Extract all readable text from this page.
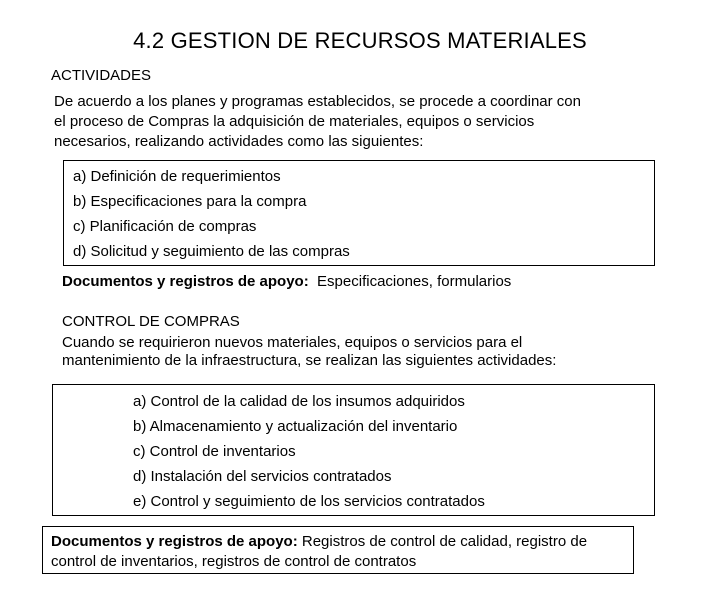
4.2 GESTION DE RECURSOS MATERIALES
ACTIVIDADES
De acuerdo a los planes y programas establecidos, se procede a coordinar con
el proceso de Compras la adquisición de materiales, equipos o servicios
necesarios, realizando actividades como las siguientes:
a) Definición de requerimientos
b) Especificaciones para la compra
c) Planificación de compras
d) Solicitud y seguimiento de las compras
Documentos y registros de apoyo:  Especificaciones, formularios
CONTROL DE COMPRAS
Cuando se requirieron nuevos materiales, equipos o servicios para el
mantenimiento de la infraestructura, se realizan las siguientes actividades:
a) Control de la calidad de los insumos adquiridos
b) Almacenamiento y actualización del inventario
c) Control de inventarios
d) Instalación del servicios contratados
e) Control y seguimiento de los servicios contratados
Documentos y registros de apoyo: Registros de control de calidad, registro de
control de inventarios, registros de control de contratos
